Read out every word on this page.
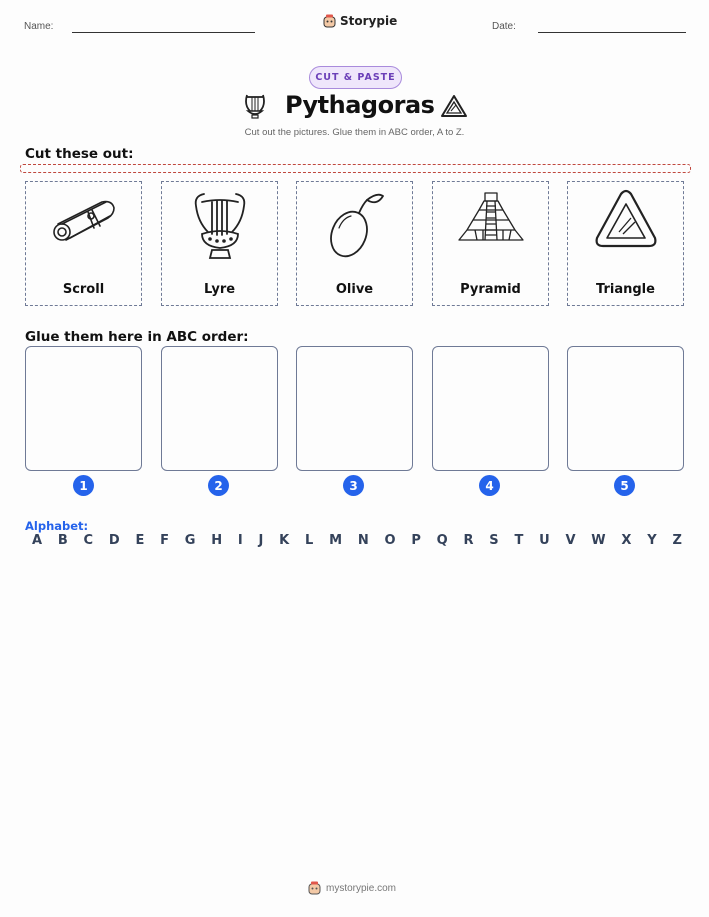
Name:	Storypie	Date:
CUT & PASTE
Pythagoras
Cut out the pictures. Glue them in ABC order, A to Z.
Cut these out:
Scroll	Lyre	Olive	Pyramid	Triangle
Glue them here in ABC order:
1	2	3	4	5
Alphabet:
A B C D E F G H I J K L M N O P Q R S T U V W X Y Z
mystorypie.com
